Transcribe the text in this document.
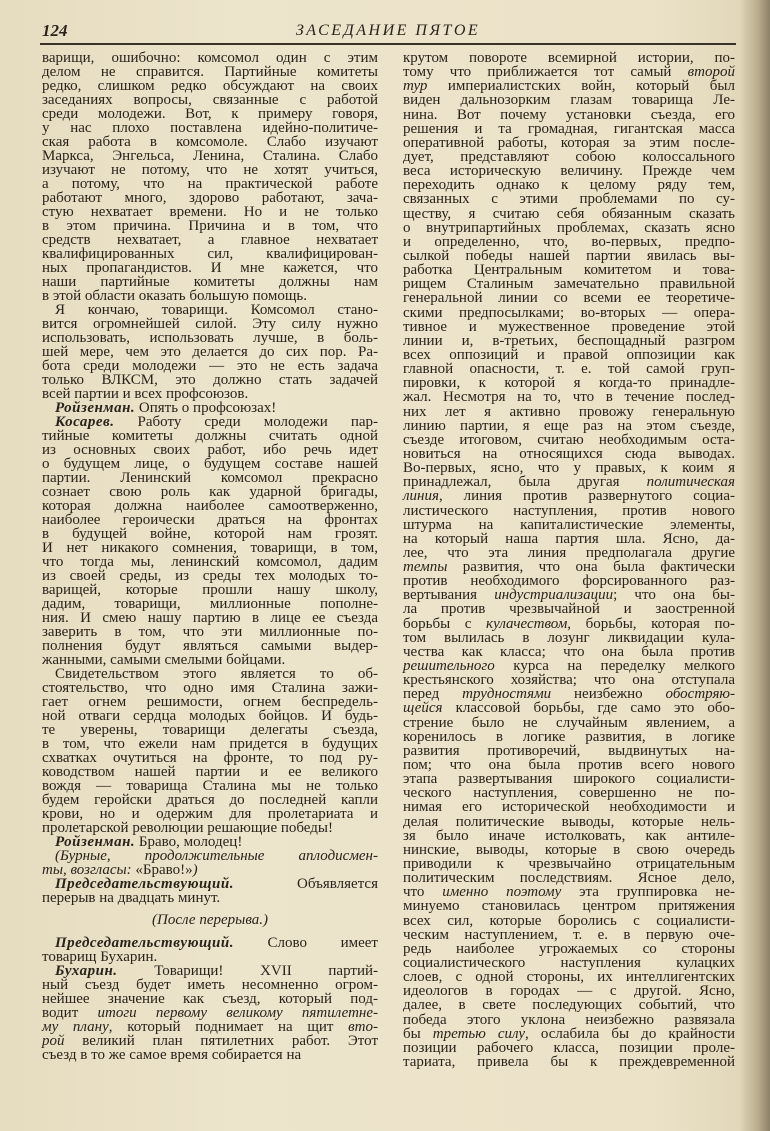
124	ЗАСЕДАНИЕ ПЯТОЕ
варищи, ошибочно: комсомол один с этим
делом не справится. Партийные комитеты
редко, слишком редко обсуждают на своих
заседаниях вопросы, связанные с работой
среди молодежи. Вот, к примеру говоря,
у нас плохо поставлена идейно-политиче-
ская работа в комсомоле. Слабо изучают
Маркса, Энгельса, Ленина, Сталина. Слабо
изучают не потому, что не хотят учиться,
а потому, что на практической работе
работают много, здорово работают, зача-
стую нехватает времени. Но и не только
в этом причина. Причина и в том, что
средств нехватает, а главное нехватает
квалифицированных сил, квалифицирован-
ных пропагандистов. И мне кажется, что
наши партийные комитеты должны нам
в этой области оказать большую помощь.
Я кончаю, товарищи. Комсомол стано-
вится огромнейшей силой. Эту силу нужно
использовать, использовать лучше, в боль-
шей мере, чем это делается до сих пор. Ра-
бота среди молодежи — это не есть задача
только ВЛКСМ, это должно стать задачей
всей партии и всех профсоюзов.
Ройзенман. Опять о профсоюзах!
Косарев. Работу среди молодежи пар-
тийные комитеты должны считать одной
из основных своих работ, ибо речь идет
о будущем лице, о будущем составе нашей
партии. Ленинский комсомол прекрасно
сознает свою роль как ударной бригады,
которая должна наиболее самоотверженно,
наиболее героически драться на фронтах
в будущей войне, которой нам грозят.
И нет никакого сомнения, товарищи, в том,
что тогда мы, ленинский комсомол, дадим
из своей среды, из среды тех молодых то-
варищей, которые прошли нашу школу,
дадим, товарищи, миллионные пополне-
ния. И смею нашу партию в лице ее съезда
заверить в том, что эти миллионные по-
полнения будут являться самыми выдер-
жанными, самыми смелыми бойцами.
Свидетельством этого является то об-
стоятельство, что одно имя Сталина зажи-
гает огнем решимости, огнем беспредель-
ной отваги сердца молодых бойцов. И будь-
те уверены, товарищи делегаты съезда,
в том, что ежели нам придется в будущих
схватках очутиться на фронте, то под ру-
ководством нашей партии и ее великого
вождя — товарища Сталина мы не только
будем геройски драться до последней капли
крови, но и одержим для пролетариата и
пролетарской революции решающие победы!
Ройзенман. Браво, молодец!
(Бурные, продолжительные аплодисмен-
ты, возгласы: «Браво!»)
Председательствующий. Объявляется
перерыв на двадцать минут.
(После перерыва.)
Председательствующий. Слово имеет
товарищ Бухарин.
Бухарин. Товарищи! XVII партий-
ный съезд будет иметь несомненно огром-
нейшее значение как съезд, который под-
водит итоги первому великому пятилетне-
му плану, который поднимает на щит вто-
рой великий план пятилетних работ. Этот
съезд в то же самое время собирается на
крутом повороте всемирной истории, по-
тому что приближается тот самый второй
тур империалистских войн, который был
виден дальнозорким глазам товарища Ле-
нина. Вот почему установки съезда, его
решения и та громадная, гигантская масса
оперативной работы, которая за этим после-
дует, представляют собою колоссального
веса историческую величину. Прежде чем
переходить однако к целому ряду тем,
связанных с этими проблемами по су-
ществу, я считаю себя обязанным сказать
о внутрипартийных проблемах, сказать ясно
и определенно, что, во-первых, предпо-
сылкой победы нашей партии явилась вы-
работка Центральным комитетом и това-
рищем Сталиным замечательно правильной
генеральной линии со всеми ее теоретиче-
скими предпосылками; во-вторых — опера-
тивное и мужественное проведение этой
линии и, в-третьих, беспощадный разгром
всех оппозиций и правой оппозиции как
главной опасности, т. е. той самой груп-
пировки, к которой я когда-то принадле-
жал. Несмотря на то, что в течение послед-
них лет я активно провожу генеральную
линию партии, я еще раз на этом съезде,
съезде итоговом, считаю необходимым оста-
новиться на относящихся сюда выводах.
Во-первых, ясно, что у правых, к коим я
принадлежал, была другая политическая
линия, линия против развернутого социа-
листического наступления, против нового
штурма на капиталистические элементы,
на который наша партия шла. Ясно, да-
лее, что эта линия предполагала другие
темпы развития, что она была фактически
против необходимого форсированного раз-
вертывания индустриализации; что она бы-
ла против чрезвычайной и заостренной
борьбы с кулачеством, борьбы, которая по-
том вылилась в лозунг ликвидации кула-
чества как класса; что она была против
решительного курса на переделку мелкого
крестьянского хозяйства; что она отступала
перед трудностями неизбежно обостряю-
щейся классовой борьбы, где само это обо-
стрение было не случайным явлением, а
коренилось в логике развития, в логике
развития противоречий, выдвинутых на-
пом; что она была против всего нового
этапа развертывания широкого социалисти-
ческого наступления, совершенно не по-
нимая его исторической необходимости и
делая политические выводы, которые нель-
зя было иначе истолковать, как антиле-
нинские, выводы, которые в свою очередь
приводили к чрезвычайно отрицательным
политическим последствиям. Ясное дело,
что именно поэтому эта группировка не-
минуемо становилась центром притяжения
всех сил, которые боролись с социалисти-
ческим наступлением, т. е. в первую оче-
редь наиболее угрожаемых со стороны
социалистического наступления кулацких
слоев, с одной стороны, их интеллигентских
идеологов в городах — с другой. Ясно,
далее, в свете последующих событий, что
победа этого уклона неизбежно развязала
бы третью силу, ослабила бы до крайности
позиции рабочего класса, позиции проле-
тариата, привела бы к преждевременной
